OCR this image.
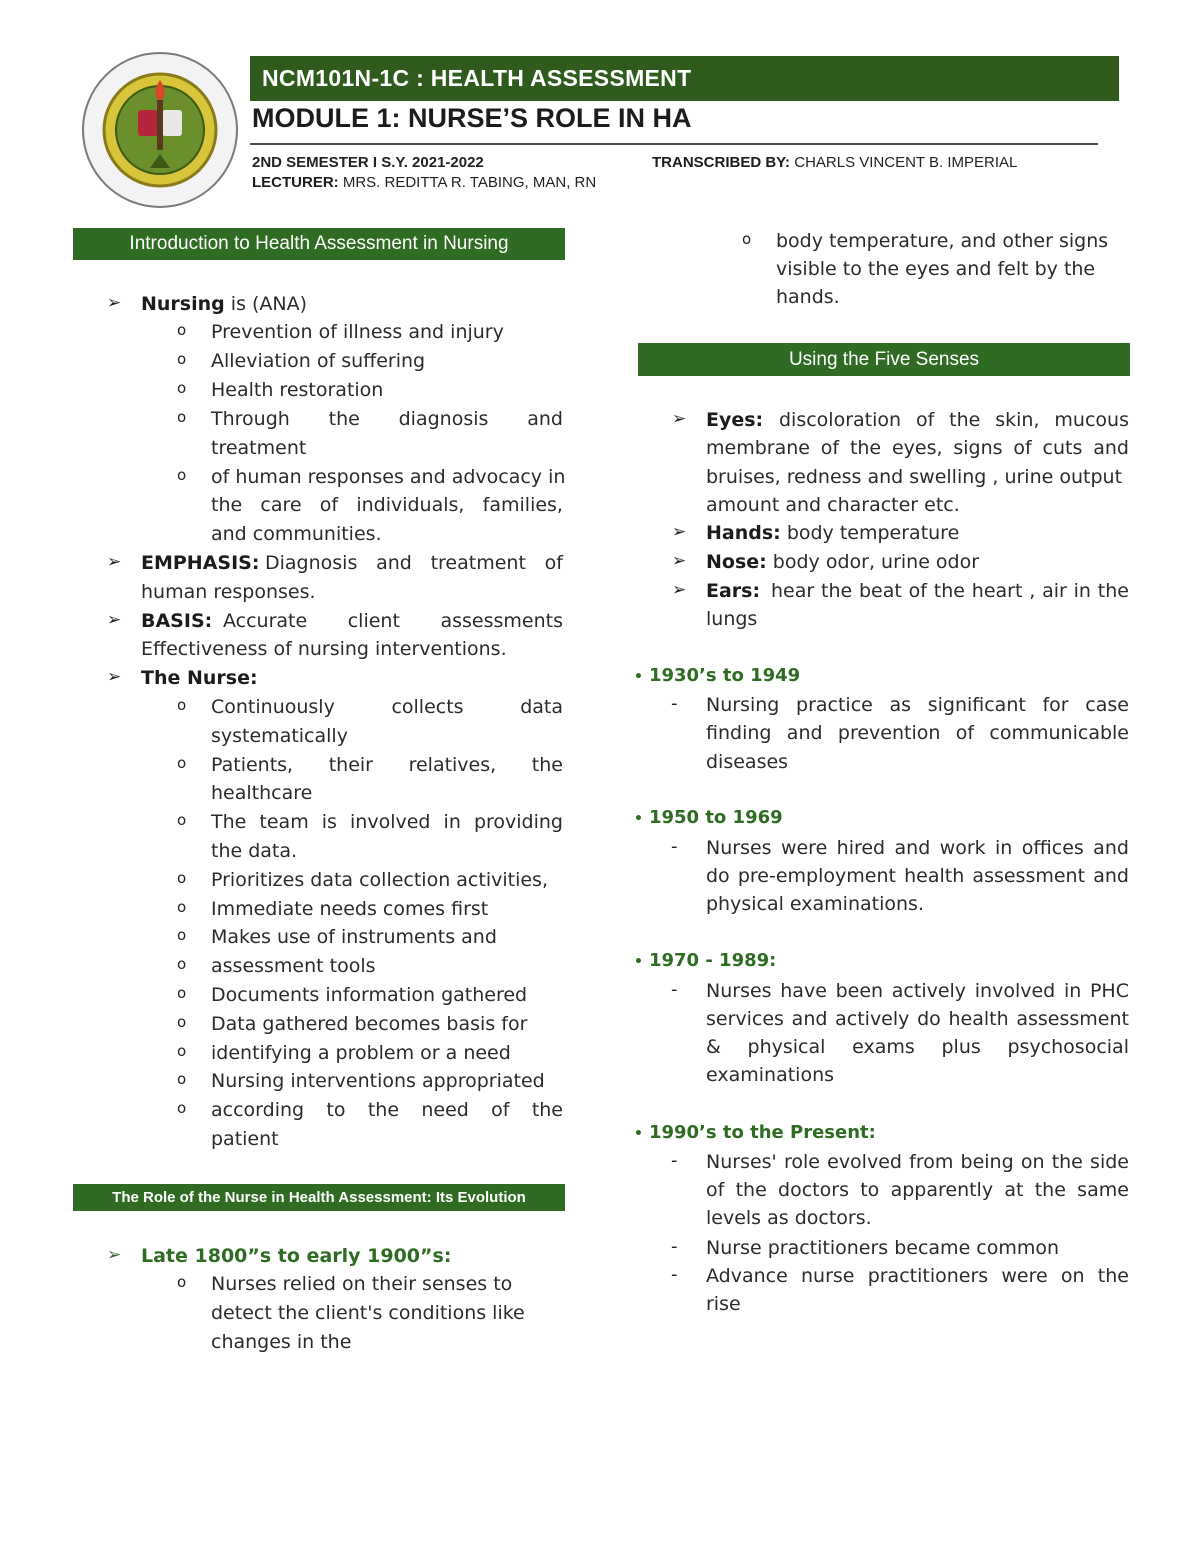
NCM101N-1C : HEALTH ASSESSMENT
MODULE 1: NURSE’S ROLE IN HA
2ND SEMESTER I S.Y. 2021-2022
LECTURER: MRS. REDITTA R. TABING, MAN, RN
TRANSCRIBED BY: CHARLS VINCENT B. IMPERIAL
Introduction to Health Assessment in Nursing
Using the Five Senses
The Role of the Nurse in Health Assessment: Its Evolution
➢ Nursing is (ANA)
o Prevention of illness and injury
o Alleviation of suffering
o Health restoration
o Through the diagnosis and
treatment
o of human responses and advocacy in
the care of individuals, families,
and communities.
➢ EMPHASIS: Diagnosis and treatment of
human responses.
➢ BASIS: Accurate client assessments
Effectiveness of nursing interventions.
➢ The Nurse:
o Continuously	collects	data
systematically
o Patients, their relatives, the
healthcare
o The team is involved in providing
the data.
o Prioritizes data collection activities,
o Immediate needs comes first
o Makes use of instruments and
o assessment tools
o Documents information gathered
o Data gathered becomes basis for
o identifying a problem or a need
o Nursing interventions appropriated
o according to the need of the
patient
➢ Late 1800”s to early 1900”s:
o Nurses relied on their senses to
detect the client's conditions like
changes in the
o body temperature, and other signs
visible to the eyes and felt by the
hands.
➢ Eyes: discoloration of the skin, mucous
membrane of the eyes, signs of cuts and
bruises, redness and swelling , urine output
amount and character etc.
➢ Hands: body temperature
➢ Nose: body odor, urine odor
➢ Ears: hear the beat of the heart , air in the
lungs
• 1930’s to 1949
- Nursing practice as significant for case
finding and prevention of communicable
diseases
• 1950 to 1969
- Nurses were hired and work in offices and
do pre-employment health assessment and
physical examinations.
• 1970 - 1989:
- Nurses have been actively involved in PHC
services and actively do health assessment
& physical exams plus psychosocial
examinations
• 1990’s to the Present:
- Nurses' role evolved from being on the side
of the doctors to apparently at the same
levels as doctors.
- Nurse practitioners became common
- Advance nurse practitioners were on the
rise
